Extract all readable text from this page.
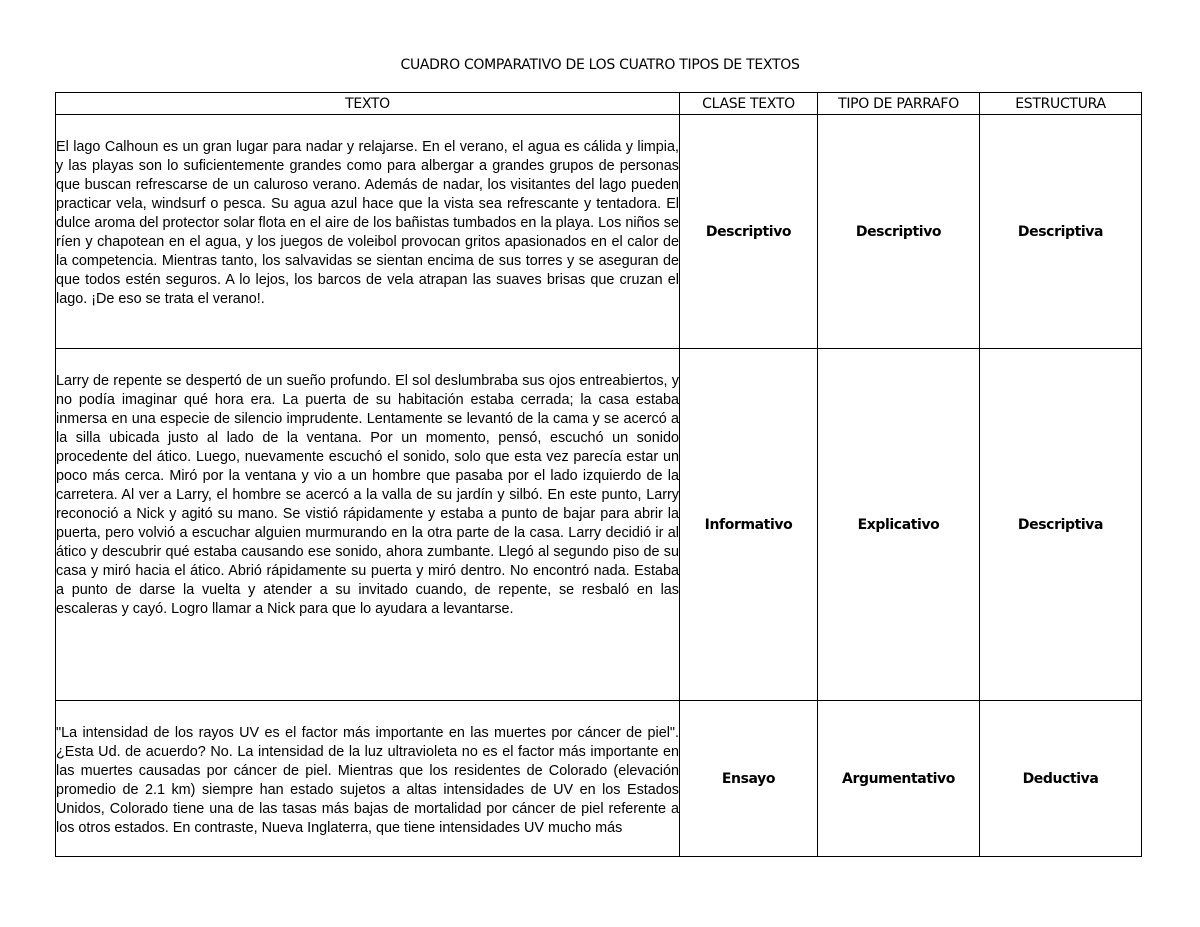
CUADRO COMPARATIVO DE LOS CUATRO TIPOS DE TEXTOS
TEXTO	CLASE TEXTO	TIPO DE PARRAFO	ESTRUCTURA

El lago Calhoun es un gran lugar para nadar y relajarse. En el verano, el agua es cálida y limpia, y las playas son lo suficientemente grandes como para albergar a grandes grupos de personas que buscan refrescarse de un caluroso verano. Además de nadar, los visitantes del lago pueden practicar vela, windsurf o pesca. Su agua azul hace que la vista sea refrescante y tentadora. El dulce aroma del protector solar flota en el aire de los bañistas tumbados en la playa. Los niños se ríen y chapotean en el agua, y los juegos de voleibol provocan gritos apasionados en el calor de la competencia. Mientras tanto, los salvavidas se sientan encima de sus torres y se aseguran de que todos estén seguros. A lo lejos, los barcos de vela atrapan las suaves brisas que cruzan el lago. ¡De eso se trata el verano!.	Descriptivo	Descriptivo	Descriptiva

Larry de repente se despertó de un sueño profundo. El sol deslumbraba sus ojos entreabiertos, y no podía imaginar qué hora era. La puerta de su habitación estaba cerrada; la casa estaba inmersa en una especie de silencio imprudente. Lentamente se levantó de la cama y se acercó a la silla ubicada justo al lado de la ventana. Por un momento, pensó, escuchó un sonido procedente del ático. Luego, nuevamente escuchó el sonido, solo que esta vez parecía estar un poco más cerca. Miró por la ventana y vio a un hombre que pasaba por el lado izquierdo de la carretera. Al ver a Larry, el hombre se acercó a la valla de su jardín y silbó. En este punto, Larry reconoció a Nick y agitó su mano. Se vistió rápidamente y estaba a punto de bajar para abrir la puerta, pero volvió a escuchar alguien murmurando en la otra parte de la casa. Larry decidió ir al ático y descubrir qué estaba causando ese sonido, ahora zumbante. Llegó al segundo piso de su casa y miró hacia el ático. Abrió rápidamente su puerta y miró dentro. No encontró nada. Estaba a punto de darse la vuelta y atender a su invitado cuando, de repente, se resbaló en las escaleras y cayó. Logro llamar a Nick para que lo ayudara a levantarse.	Informativo	Explicativo	Descriptiva

"La intensidad de los rayos UV es el factor más importante en las muertes por cáncer de piel". ¿Esta Ud. de acuerdo? No. La intensidad de la luz ultravioleta no es el factor más importante en las muertes causadas por cáncer de piel. Mientras que los residentes de Colorado (elevación promedio de 2.1 km) siempre han estado sujetos a altas intensidades de UV en los Estados Unidos, Colorado tiene una de las tasas más bajas de mortalidad por cáncer de piel referente a los otros estados. En contraste, Nueva Inglaterra, que tiene intensidades UV mucho más	Ensayo	Argumentativo	Deductiva
